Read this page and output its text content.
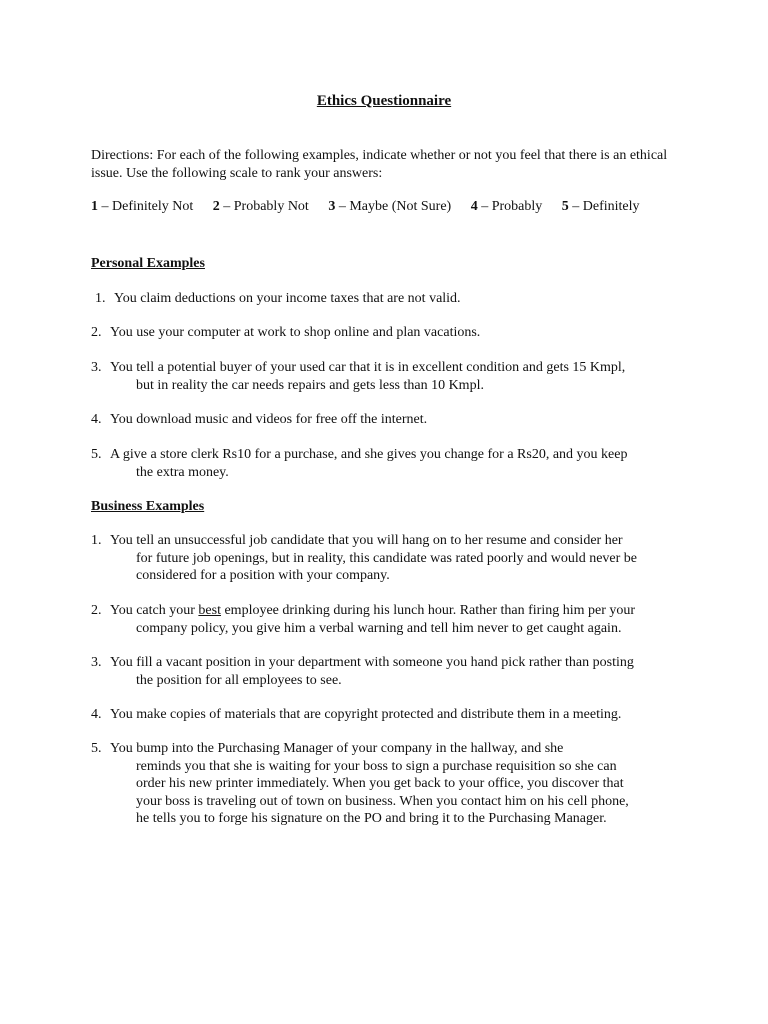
Ethics Questionnaire
Directions: For each of the following examples, indicate whether or not you feel that there is an ethical issue. Use the following scale to rank your answers:
1 – Definitely Not 2 – Probably Not 3 – Maybe (Not Sure) 4 – Probably 5 – Definitely
Personal Examples
1. You claim deductions on your income taxes that are not valid.
2. You use your computer at work to shop online and plan vacations.
3. You tell a potential buyer of your used car that it is in excellent condition and gets 15 Kmpl,
but in reality the car needs repairs and gets less than 10 Kmpl.
4. You download music and videos for free off the internet.
5. A give a store clerk Rs10 for a purchase, and she gives you change for a Rs20, and you keep
the extra money.
Business Examples
1. You tell an unsuccessful job candidate that you will hang on to her resume and consider her
for future job openings, but in reality, this candidate was rated poorly and would never be
considered for a position with your company.
2. You catch your best employee drinking during his lunch hour. Rather than firing him per your
company policy, you give him a verbal warning and tell him never to get caught again.
3. You fill a vacant position in your department with someone you hand pick rather than posting
the position for all employees to see.
4. You make copies of materials that are copyright protected and distribute them in a meeting.
5. You bump into the Purchasing Manager of your company in the hallway, and she
reminds you that she is waiting for your boss to sign a purchase requisition so she can
order his new printer immediately. When you get back to your office, you discover that
your boss is traveling out of town on business. When you contact him on his cell phone,
he tells you to forge his signature on the PO and bring it to the Purchasing Manager.
